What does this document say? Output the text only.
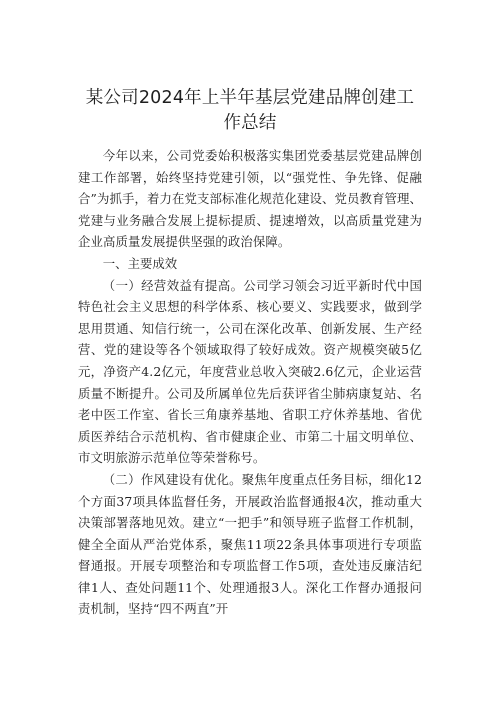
某公司2024年上半年基层党建品牌创建工作总结

今年以来，公司党委始积极落实集团党委基层党建品牌创建工作部署，始终坚持党建引领，以“强党性、争先锋、促融合”为抓手，着力在党支部标准化规范化建设、党员教育管理、党建与业务融合发展上提标提质、提速增效，以高质量党建为企业高质量发展提供坚强的政治保障。

一、主要成效

（一）经营效益有提高。公司学习领会习近平新时代中国特色社会主义思想的科学体系、核心要义、实践要求，做到学思用贯通、知信行统一，公司在深化改革、创新发展、生产经营、党的建设等各个领域取得了较好成效。资产规模突破5亿元，净资产4.2亿元，年度营业总收入突破2.6亿元，企业运营质量不断提升。公司及所属单位先后获评省尘肺病康复站、名老中医工作室、省长三角康养基地、省职工疗休养基地、省优质医养结合示范机构、省市健康企业、市第二十届文明单位、市文明旅游示范单位等荣誉称号。

（二）作风建设有优化。聚焦年度重点任务目标，细化12个方面37项具体监督任务，开展政治监督通报4次，推动重大决策部署落地见效。建立“一把手”和领导班子监督工作机制，健全全面从严治党体系，聚焦11项22条具体事项进行专项监督通报。开展专项整治和专项监督工作5项，查处违反廉洁纪律1人、查处问题11个、处理通报3人。深化工作督办通报问责机制，坚持“四不两直”开
